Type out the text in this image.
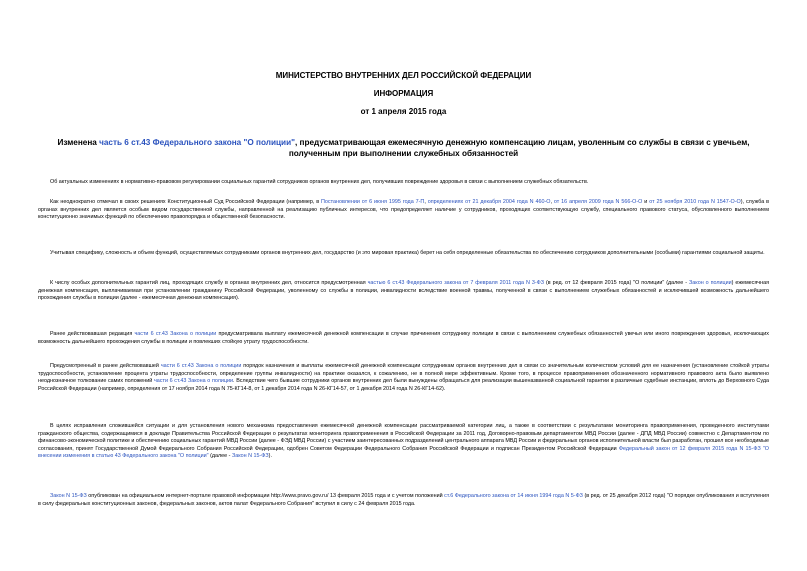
МИНИСТЕРСТВО ВНУТРЕННИХ ДЕЛ РОССИЙСКОЙ ФЕДЕРАЦИИ
ИНФОРМАЦИЯ
от 1 апреля 2015 года
Изменена часть 6 ст.43 Федерального закона "О полиции", предусматривающая ежемесячную денежную компенсацию лицам, уволенным со службы в связи с увечьем, полученным при выполнении служебных обязанностей

Об актуальных изменениях в нормативно-правовом регулировании социальных гарантий сотрудников органов внутренних дел, получивших повреждение здоровья в связи с выполнением служебных обязательств.

Как неоднократно отмечал в своих решениях Конституционный Суд Российской Федерации (например, в Постановлении от 6 июня 1995 года 7-П, определениях от 21 декабря 2004 года N 460-О, от 16 апреля 2009 года N 566-О-О и от 25 ноября 2010 года N 1547-О-О), служба в органах внутренних дел является особым видом государственной службы, направленной на реализацию публичных интересов, что предопределяет наличие у сотрудников, проходящих соответствующую службу, специального правового статуса, обусловленного выполнением конституционно значимых функций по обеспечению правопорядка и общественной безопасности.

Учитывая специфику, сложность и объем функций, осуществляемых сотрудниками органов внутренних дел, государство (и это мировая практика) берет на себя определенные обязательства по обеспечению сотрудников дополнительными (особыми) гарантиями социальной защиты.

К числу особых дополнительных гарантий лиц, проходящих службу в органах внутренних дел, относится предусмотренная частью 6 ст.43 Федерального закона от 7 февраля 2011 года N 3-ФЗ (в ред. от 12 февраля 2015 года) "О полиции" (далее - Закон о полиции) ежемесячная денежная компенсация, выплачиваемая при установлении гражданину Российской Федерации, уволенному со службы в полиции, инвалидности вследствие военной травмы, полученной в связи с выполнением служебных обязанностей и исключившей возможность дальнейшего прохождения службы в полиции (далее - ежемесячная денежная компенсация).

Ранее действовавшая редакция части 6 ст.43 Закона о полиции предусматривала выплату ежемесячной денежной компенсации в случае причинения сотруднику полиции в связи с выполнением служебных обязанностей увечья или иного повреждения здоровья, исключающих возможность дальнейшего прохождения службы в полиции и повлекших стойкую утрату трудоспособности.

Предусмотренный в ранее действовавшей части 6 ст.43 Закона о полиции порядок назначения и выплаты ежемесячной денежной компенсации сотрудникам органов внутренних дел в связи со значительным количеством условий для ее назначения (установление стойкой утраты трудоспособности, установление процента утраты трудоспособности, определение группы инвалидности) на практике оказался, к сожалению, не в полной мере эффективным. Кроме того, в процессе правоприменения обозначенного нормативного правового акта было выявлено неоднозначное толкование самих положений части 6 ст.43 Закона о полиции. Вследствие чего бывшие сотрудники органов внутренних дел были вынуждены обращаться для реализации вышеназванной социальной гарантии в различные судебные инстанции, вплоть до Верховного Суда Российской Федерации (например, определения от 17 ноября 2014 года N 75-КГ14-8, от 1 декабря 2014 года N 26-КГ14-57, от 1 декабря 2014 года N 26-КГ14-62).

В целях исправления сложившейся ситуации и для установления нового механизма предоставления ежемесячной денежной компенсации рассматриваемой категории лиц, а также в соответствии с результатами мониторинга правоприменения, проведенного институтами гражданского общества, содержащимися в докладе Правительства Российской Федерации о результатах мониторинга правоприменения в Российской Федерации за 2011 год, Договорно-правовым департаментом МВД России (далее - ДПД МВД России) совместно с Департаментом по финансово-экономической политике и обеспечению социальных гарантий МВД России (далее - ФЭД МВД России) с участием заинтересованных подразделений центрального аппарата МВД России и федеральных органов исполнительной власти был разработан, прошел все необходимые согласования, принят Государственной Думой Федерального Собрания Российской Федерации, одобрен Советом Федерации Федерального Собрания Российской Федерации и подписан Президентом Российской Федерации Федеральный закон от 12 февраля 2015 года N 15-ФЗ "О внесении изменения в статью 43 Федерального закона "О полиции" (далее - Закон N 15-ФЗ).

Закон N 15-ФЗ опубликован на официальном интернет-портале правовой информации http://www.pravo.gov.ru/ 13 февраля 2015 года и с учетом положений ст.6 Федерального закона от 14 июня 1994 года N 5-ФЗ (в ред. от 25 декабря 2012 года) "О порядке опубликования и вступления в силу федеральных конституционных законов, федеральных законов, актов палат Федерального Собрания" вступил в силу с 24 февраля 2015 года.
